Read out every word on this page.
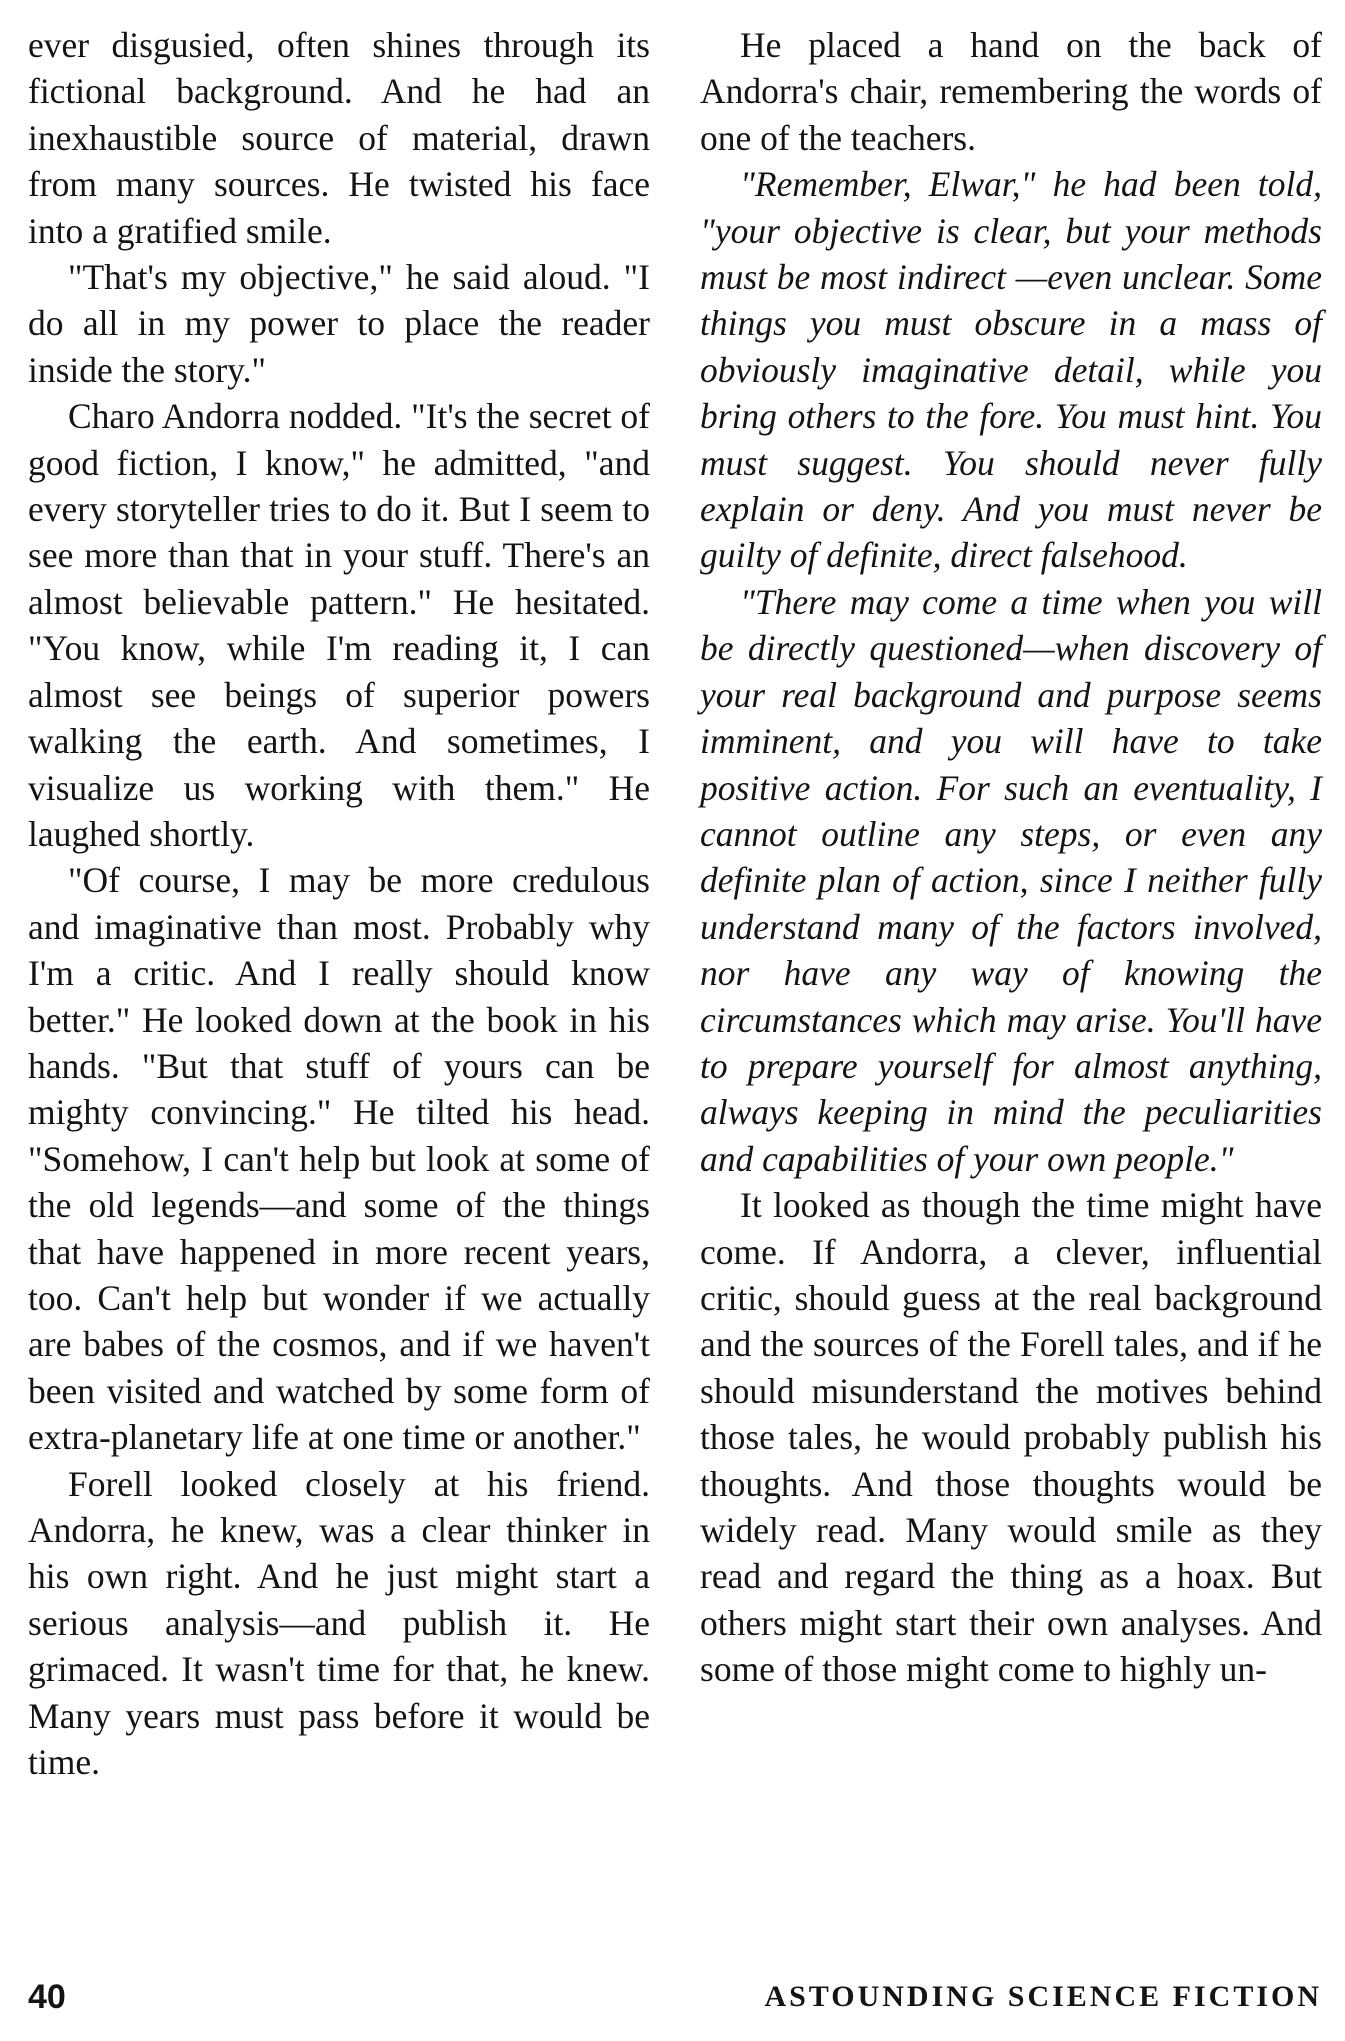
ever disgusied, often shines through its fictional background. And he had an inexhaustible source of material, drawn from many sources. He twisted his face into a gratified smile.

"That's my objective," he said aloud. "I do all in my power to place the reader inside the story."

Charo Andorra nodded. "It's the secret of good fiction, I know," he admitted, "and every storyteller tries to do it. But I seem to see more than that in your stuff. There's an almost believable pattern." He hesitated. "You know, while I'm reading it, I can almost see beings of superior powers walking the earth. And sometimes, I visualize us working with them." He laughed shortly.

"Of course, I may be more credulous and imaginative than most. Probably why I'm a critic. And I really should know better." He looked down at the book in his hands. "But that stuff of yours can be mighty convincing." He tilted his head. "Somehow, I can't help but look at some of the old legends—and some of the things that have happened in more recent years, too. Can't help but wonder if we actually are babes of the cosmos, and if we haven't been visited and watched by some form of extra-planetary life at one time or another."

Forell looked closely at his friend. Andorra, he knew, was a clear thinker in his own right. And he just might start a serious analysis—and publish it. He grimaced. It wasn't time for that, he knew. Many years must pass before it would be time.

He placed a hand on the back of Andorra's chair, remembering the words of one of the teachers.

"Remember, Elwar," he had been told, "your objective is clear, but your methods must be most indirect —even unclear. Some things you must obscure in a mass of obviously imaginative detail, while you bring others to the fore. You must hint. You must suggest. You should never fully explain or deny. And you must never be guilty of definite, direct falsehood.

"There may come a time when you will be directly questioned—when discovery of your real background and purpose seems imminent, and you will have to take positive action. For such an eventuality, I cannot outline any steps, or even any definite plan of action, since I neither fully understand many of the factors involved, nor have any way of knowing the circumstances which may arise. You'll have to prepare yourself for almost anything, always keeping in mind the peculiarities and capabilities of your own people."

It looked as though the time might have come. If Andorra, a clever, influential critic, should guess at the real background and the sources of the Forell tales, and if he should misunderstand the motives behind those tales, he would probably publish his thoughts. And those thoughts would be widely read. Many would smile as they read and regard the thing as a hoax. But others might start their own analyses. And some of those might come to highly un-

40	ASTOUNDING SCIENCE FICTION
